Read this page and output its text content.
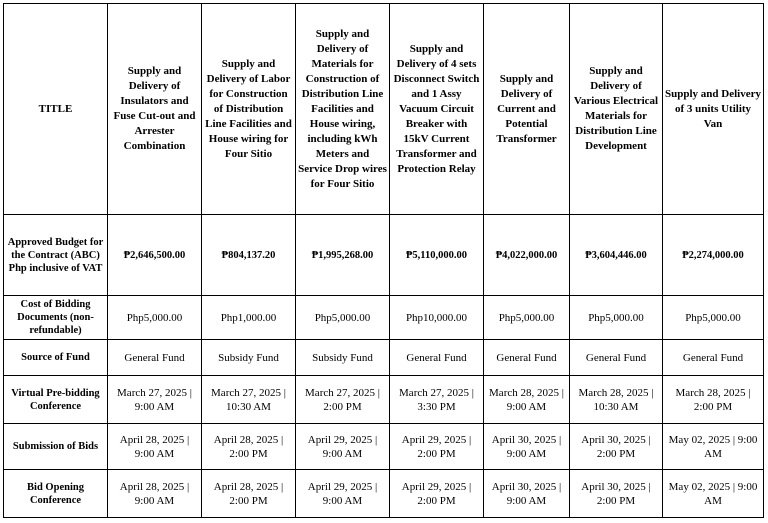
TITLE	Supply and Delivery of Insulators and Fuse Cut-out and Arrester Combination	Supply and Delivery of Labor for Construction of Distribution Line Facilities and House wiring for Four Sitio	Supply and Delivery of Materials for Construction of Distribution Line Facilities and House wiring, including kWh Meters and Service Drop wires for Four Sitio	Supply and Delivery of 4 sets Disconnect Switch and 1 Assy Vacuum Circuit Breaker with 15kV Current Transformer and Protection Relay	Supply and Delivery of Current and Potential Transformer	Supply and Delivery of Various Electrical Materials for Distribution Line Development	Supply and Delivery of 3 units Utility Van
Approved Budget for the Contract (ABC) Php inclusive of VAT	₱2,646,500.00	₱804,137.20	₱1,995,268.00	₱5,110,000.00	₱4,022,000.00	₱3,604,446.00	₱2,274,000.00
Cost of Bidding Documents (non-refundable)	Php5,000.00	Php1,000.00	Php5,000.00	Php10,000.00	Php5,000.00	Php5,000.00	Php5,000.00
Source of Fund	General Fund	Subsidy Fund	Subsidy Fund	General Fund	General Fund	General Fund	General Fund
Virtual Pre-bidding Conference	March 27, 2025 | 9:00 AM	March 27, 2025 | 10:30 AM	March 27, 2025 | 2:00 PM	March 27, 2025 | 3:30 PM	March 28, 2025 | 9:00 AM	March 28, 2025 | 10:30 AM	March 28, 2025 | 2:00 PM
Submission of Bids	April 28, 2025 | 9:00 AM	April 28, 2025 | 2:00 PM	April 29, 2025 | 9:00 AM	April 29, 2025 | 2:00 PM	April 30, 2025 | 9:00 AM	April 30, 2025 | 2:00 PM	May 02, 2025 | 9:00 AM
Bid Opening Conference	April 28, 2025 | 9:00 AM	April 28, 2025 | 2:00 PM	April 29, 2025 | 9:00 AM	April 29, 2025 | 2:00 PM	April 30, 2025 | 9:00 AM	April 30, 2025 | 2:00 PM	May 02, 2025 | 9:00 AM
